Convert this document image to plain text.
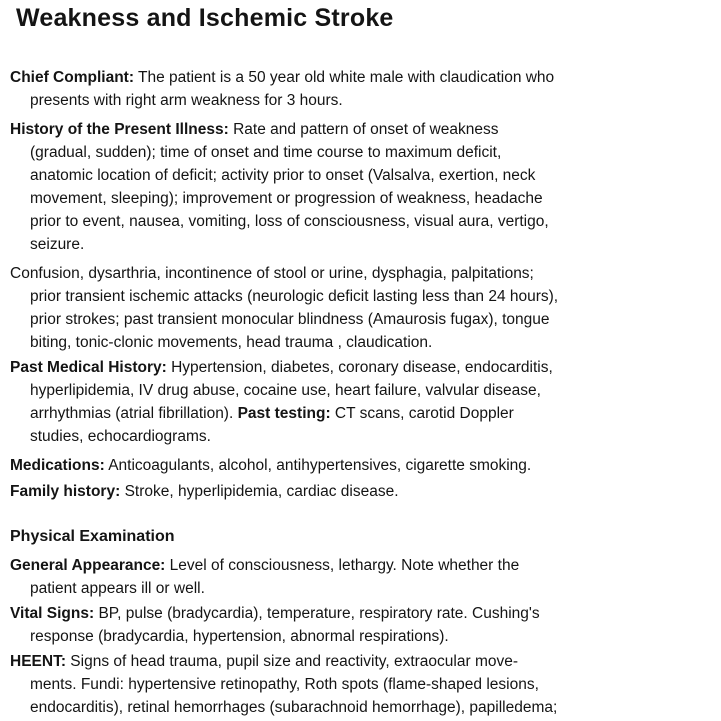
Weakness and Ischemic Stroke
Chief Compliant: The patient is a 50 year old white male with claudication who
presents with right arm weakness for 3 hours.
History of the Present Illness: Rate and pattern of onset of weakness
(gradual, sudden); time of onset and time course to maximum deficit,
anatomic location of deficit; activity prior to onset (Valsalva, exertion, neck
movement, sleeping); improvement or progression of weakness, headache
prior to event, nausea, vomiting, loss of consciousness, visual aura, vertigo,
seizure.
Confusion, dysarthria, incontinence of stool or urine, dysphagia, palpitations;
prior transient ischemic attacks (neurologic deficit lasting less than 24 hours),
prior strokes; past transient monocular blindness (Amaurosis fugax), tongue
biting, tonic-clonic movements, head trauma , claudication.
Past Medical History: Hypertension, diabetes, coronary disease, endocarditis,
hyperlipidemia, IV drug abuse, cocaine use, heart failure, valvular disease,
arrhythmias (atrial fibrillation). Past testing: CT scans, carotid Doppler
studies, echocardiograms.
Medications: Anticoagulants, alcohol, antihypertensives, cigarette smoking.
Family history: Stroke, hyperlipidemia, cardiac disease.
Physical Examination
General Appearance: Level of consciousness, lethargy. Note whether the
patient appears ill or well.
Vital Signs: BP, pulse (bradycardia), temperature, respiratory rate. Cushing's
response (bradycardia, hypertension, abnormal respirations).
HEENT: Signs of head trauma, pupil size and reactivity, extraocular move-
ments. Fundi: hypertensive retinopathy, Roth spots (flame-shaped lesions,
endocarditis), retinal hemorrhages (subarachnoid hemorrhage), papilledema;
